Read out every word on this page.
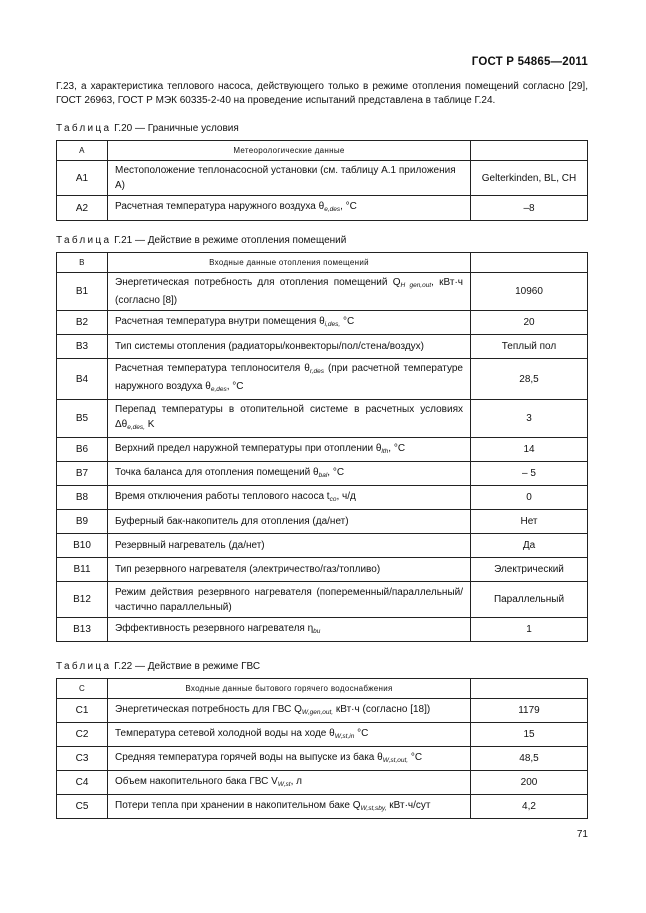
ГОСТ Р 54865—2011
Г.23, а характеристика теплового насоса, действующего только в режиме отопления помещений согласно [29], ГОСТ 26963, ГОСТ Р МЭК 60335-2-40 на проведение испытаний представлена в таблице Г.24.
Таблица Г.20 — Граничные условия
A	Метеорологические данные	
A1	Местоположение теплонасосной установки (см. таблицу А.1 приложения А)	Gelterkinden, BL, CH
A2	Расчетная температура наружного воздуха $\theta_{e,des}$, °С	–8
Таблица Г.21 — Действие в режиме отопления помещений
B	Входные данные отопления помещений	
B1	Энергетическая потребность для отопления помещений $Q_{H gen,out}$, кВт·ч (согласно [8])	10960
B2	Расчетная температура внутри помещения $\theta_{i,des,}$ °С	20
B3	Тип системы отопления (радиаторы/конвекторы/пол/стена/воздух)	Теплый пол
B4	Расчетная температура теплоносителя $\theta_{r,des}$ (при расчетной температуре наружного воздуха $\theta_{e,des}$, °С	28,5
B5	Перепад температуры в отопительной системе в расчетных условиях $\Delta\theta_{e,des,}$ K	3
B6	Верхний предел наружной температуры при отоплении $\theta_{lth}$, °С	14
B7	Точка баланса для отопления помещений $\theta_{bal}$, °С	– 5
B8	Время отключения работы теплового насоса $t_{co}$, ч/д	0
B9	Буферный бак-накопитель для отопления (да/нет)	Нет
B10	Резервный нагреватель (да/нет)	Да
B11	Тип резервного нагревателя (электричество/газ/топливо)	Электрический
B12	Режим действия резервного нагревателя (попеременный/параллельный/частично параллельный)	Параллельный
B13	Эффективность резервного нагревателя $\eta_{bu}$	1
Таблица Г.22 — Действие в режиме ГВС
C	Входные данные бытового горячего водоснабжения	
C1	Энергетическая потребность для ГВС $Q_{W,gen,out,}$ кВт·ч (согласно [18])	1179
C2	Температура сетевой холодной воды на ходе $\theta_{W,st,in}$ °С	15
C3	Средняя температура горячей воды на выпуске из бака $\theta_{W,st,out,}$ °С	48,5
C4	Объем накопительного бака ГВС $V_{W,st}$, л	200
C5	Потери тепла при хранении в накопительном баке $Q_{W,st,sby,}$ кВт·ч/сут	4,2
71
